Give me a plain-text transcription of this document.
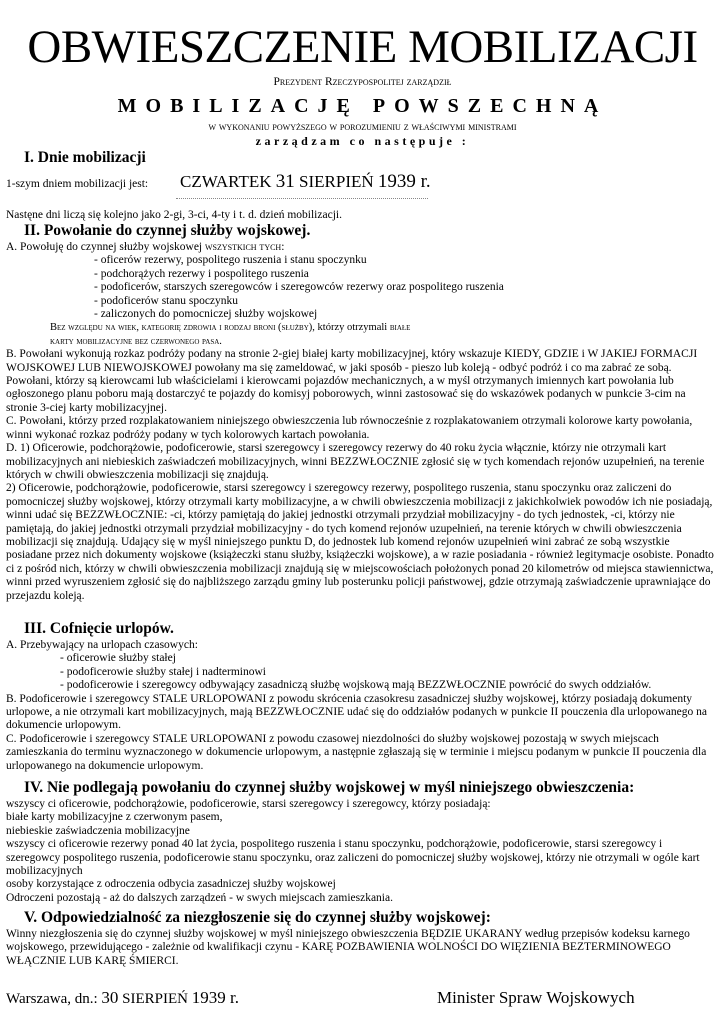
OBWIESZCZENIE MOBILIZACJI
Prezydent Rzeczypospolitej zarządził
MOBILIZACJĘ POWSZECHNĄ
w wykonaniu powyższego w porozumieniu z właściwymi ministrami
zarządzam co następuje :
I. Dnie mobilizacji
1-szym dniem mobilizacji jest: CZWARTEK 31 SIERPIEŃ 1939 r.
Nastęne dni liczą się kolejno jako 2-gi, 3-ci, 4-ty i t. d. dzień mobilizacji.
II. Powołanie do czynnej służby wojskowej.

A. Powołuję do czynnej służby wojskowej wszystkich tych:

- oficerów rezerwy, pospolitego ruszenia i stanu spoczynku

- podchorążych rezerwy i pospolitego ruszenia

- podoficerów, starszych szeregowców i szeregowców rezerwy oraz pospolitego ruszenia

- podoficerów stanu spoczynku

- zaliczonych do pomocniczej służby wojskowej

Bez względu na wiek, kategorię zdrowia i rodzaj broni (służby), którzy otrzymali białe

karty mobilizacyjne bez czerwonego pasa.

B. Powołani wykonują rozkaz podróży podany na stronie 2-giej białej karty mobilizacyjnej, który wskazuje KIEDY, GDZIE i W JAKIEJ FORMACJI WOJSKOWEJ LUB NIEWOJSKOWEJ powołany ma się zameldować, w jaki sposób - pieszo lub koleją - odbyć podróż i co ma zabrać ze sobą. Powołani, którzy są kierowcami lub właścicielami i kierowcami pojazdów mechanicznych, a w myśl otrzymanych imiennych kart powołania lub ogłoszonego planu poboru mają dostarczyć te pojazdy do komisyj poborowych, winni zastosować się do wskazówek podanych w punkcie 3-cim na stronie 3-ciej karty mobilizacyjnej.

C. Powołani, którzy przed rozplakatowaniem niniejszego obwieszczenia lub równocześnie z rozplakatowaniem otrzymali kolorowe karty powołania, winni wykonać rozkaz podróży podany w tych kolorowych kartach powołania.

D. 1) Oficerowie, podchorążowie, podoficerowie, starsi szeregowcy i szeregowcy rezerwy do 40 roku życia włącznie, którzy nie otrzymali kart mobilizacyjnych ani niebieskich zaświadczeń mobilizacyjnych, winni BEZZWŁOCZNIE zgłosić się w tych komendach rejonów uzupełnień, na terenie których w chwili obwieszczenia mobilizacji się znajdują.

2) Oficerowie, podchorążowie, podoficerowie, starsi szeregowcy i szeregowcy rezerwy, pospolitego ruszenia, stanu spoczynku oraz zaliczeni do pomocniczej służby wojskowej, którzy otrzymali karty mobilizacyjne, a w chwili obwieszczenia mobilizacji z jakichkolwiek powodów ich nie posiadają, winni udać się BEZZWŁOCZNIE: -ci, którzy pamiętają do jakiej jednostki otrzymali przydział mobilizacyjny - do tych jednostek, -ci, którzy nie pamiętają, do jakiej jednostki otrzymali przydział mobilizacyjny - do tych komend rejonów uzupełnień, na terenie których w chwili obwieszczenia mobilizacji się znajdują. Udający się w myśl niniejszego punktu D, do jednostek lub komend rejonów uzupełnień wini zabrać ze sobą wszystkie posiadane przez nich dokumenty wojskowe (książeczki stanu służby, książeczki wojskowe), a w razie posiadania - również legitymacje osobiste. Ponadto ci z pośród nich, którzy w chwili obwieszczenia mobilizacji znajdują się w miejscowościach położonych ponad 20 kilometrów od miejsca stawiennictwa, winni przed wyruszeniem zgłosić się do najbliższego zarządu gminy lub posterunku policji państwowej, gdzie otrzymają zaświadczenie uprawniające do przejazdu koleją.

III. Cofnięcie urlopów.

A. Przebywający na urlopach czasowych:

- oficerowie służby stałej

- podoficerowie służby stałej i nadterminowi

- podoficerowie i szeregowcy odbywający zasadniczą służbę wojskową mają BEZZWŁOCZNIE powrócić do swych oddziałów.

B. Podoficerowie i szeregowcy STALE URLOPOWANI z powodu skrócenia czasokresu zasadniczej służby wojskowej, którzy posiadają dokumenty urlopowe, a nie otrzymali kart mobilizacyjnych, mają BEZZWŁOCZNIE udać się do oddziałów podanych w punkcie II pouczenia dla urlopowanego na dokumencie urlopowym.

C. Podoficerowie i szeregowcy STALE URLOPOWANI z powodu czasowej niezdolności do służby wojskowej pozostają w swych miejscach zamieszkania do terminu wyznaczonego w dokumencie urlopowym, a następnie zgłaszają się w terminie i miejscu podanym w punkcie II pouczenia dla urlopowanego na dokumencie urlopowym.

IV. Nie podlegają powołaniu do czynnej służby wojskowej w myśl niniejszego obwieszczenia:

wszyscy ci oficerowie, podchorążowie, podoficerowie, starsi szeregowcy i szeregowcy, którzy posiadają:

białe karty mobilizacyjne z czerwonym pasem,

niebieskie zaświadczenia mobilizacyjne

wszyscy ci oficerowie rezerwy ponad 40 lat życia, pospolitego ruszenia i stanu spoczynku, podchorążowie, podoficerowie, starsi szeregowcy i szeregowcy pospolitego ruszenia, podoficerowie stanu spoczynku, oraz zaliczeni do pomocniczej służby wojskowej, którzy nie otrzymali w ogóle kart mobilizacyjnych

osoby korzystające z odroczenia odbycia zasadniczej służby wojskowej

Odroczeni pozostają - aż do dalszych zarządzeń - w swych miejscach zamieszkania.

V. Odpowiedzialność za niezgłoszenie się do czynnej służby wojskowej:

Winny niezgłoszenia się do czynnej służby wojskowej w myśl niniejszego obwieszczenia BĘDZIE UKARANY według przepisów kodeksu karnego wojskowego, przewidującego - zależnie od kwalifikacji czynu - KARĘ POZBAWIENIA WOLNOŚCI DO WIĘZIENIA BEZTERMINOWEGO WŁĄCZNIE LUB KARĘ ŚMIERCI.

Warszawa, dn.: 30 SIERPIEŃ 1939 r.	Minister Spraw Wojskowych
